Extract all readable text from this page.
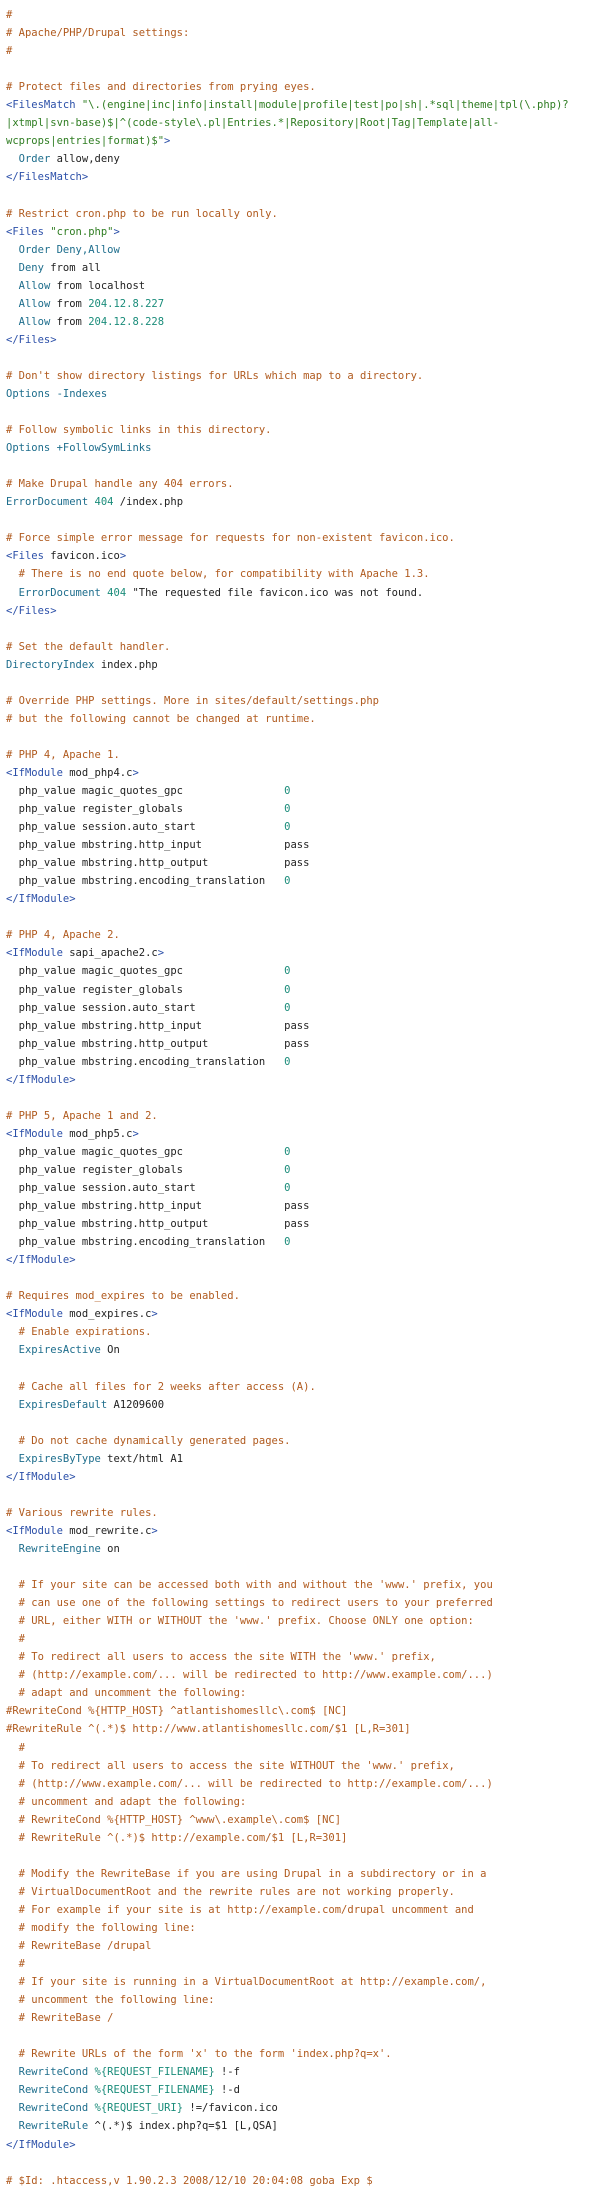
#
# Apache/PHP/Drupal settings:
#

# Protect files and directories from prying eyes.
<FilesMatch "\.(engine|inc|info|install|module|profile|test|po|sh|.*sql|theme|tpl(\.php)?
|xtmpl|svn-base)$|^(code-style\.pl|Entries.*|Repository|Root|Tag|Template|all-
wcprops|entries|format)$">
Order allow,deny
</FilesMatch>

# Restrict cron.php to be run locally only.
<Files "cron.php">
Order Deny,Allow
Deny from all
Allow from localhost
Allow from 204.12.8.227
Allow from 204.12.8.228
</Files>

# Don't show directory listings for URLs which map to a directory.
Options -Indexes

# Follow symbolic links in this directory.
Options +FollowSymLinks

# Make Drupal handle any 404 errors.
ErrorDocument 404 /index.php

# Force simple error message for requests for non-existent favicon.ico.
<Files favicon.ico>
# There is no end quote below, for compatibility with Apache 1.3.
ErrorDocument 404 "The requested file favicon.ico was not found.
</Files>

# Set the default handler.
DirectoryIndex index.php

# Override PHP settings. More in sites/default/settings.php
# but the following cannot be changed at runtime.

# PHP 4, Apache 1.
<IfModule mod_php4.c>
php_value magic_quotes_gpc                0
php_value register_globals                0
php_value session.auto_start              0
php_value mbstring.http_input             pass
php_value mbstring.http_output            pass
php_value mbstring.encoding_translation   0
</IfModule>

# PHP 4, Apache 2.
<IfModule sapi_apache2.c>
php_value magic_quotes_gpc                0
php_value register_globals                0
php_value session.auto_start              0
php_value mbstring.http_input             pass
php_value mbstring.http_output            pass
php_value mbstring.encoding_translation   0
</IfModule>

# PHP 5, Apache 1 and 2.
<IfModule mod_php5.c>
php_value magic_quotes_gpc                0
php_value register_globals                0
php_value session.auto_start              0
php_value mbstring.http_input             pass
php_value mbstring.http_output            pass
php_value mbstring.encoding_translation   0
</IfModule>

# Requires mod_expires to be enabled.
<IfModule mod_expires.c>
# Enable expirations.
ExpiresActive On

# Cache all files for 2 weeks after access (A).
ExpiresDefault A1209600

# Do not cache dynamically generated pages.
ExpiresByType text/html A1
</IfModule>

# Various rewrite rules.
<IfModule mod_rewrite.c>
RewriteEngine on

# If your site can be accessed both with and without the 'www.' prefix, you
# can use one of the following settings to redirect users to your preferred
# URL, either WITH or WITHOUT the 'www.' prefix. Choose ONLY one option:
#
# To redirect all users to access the site WITH the 'www.' prefix,
# (http://example.com/... will be redirected to http://www.example.com/...)
# adapt and uncomment the following:
#RewriteCond %{HTTP_HOST} ^atlantishomesllc\.com$ [NC]
#RewriteRule ^(.*)$ http://www.atlantishomesllc.com/$1 [L,R=301]
#
# To redirect all users to access the site WITHOUT the 'www.' prefix,
# (http://www.example.com/... will be redirected to http://example.com/...)
# uncomment and adapt the following:
# RewriteCond %{HTTP_HOST} ^www\.example\.com$ [NC]
# RewriteRule ^(.*)$ http://example.com/$1 [L,R=301]

# Modify the RewriteBase if you are using Drupal in a subdirectory or in a
# VirtualDocumentRoot and the rewrite rules are not working properly.
# For example if your site is at http://example.com/drupal uncomment and
# modify the following line:
# RewriteBase /drupal
#
# If your site is running in a VirtualDocumentRoot at http://example.com/,
# uncomment the following line:
# RewriteBase /

# Rewrite URLs of the form 'x' to the form 'index.php?q=x'.
RewriteCond %{REQUEST_FILENAME} !-f
RewriteCond %{REQUEST_FILENAME} !-d
RewriteCond %{REQUEST_URI} !=/favicon.ico
RewriteRule ^(.*)$ index.php?q=$1 [L,QSA]
</IfModule>

# $Id: .htaccess,v 1.90.2.3 2008/12/10 20:04:08 goba Exp $
